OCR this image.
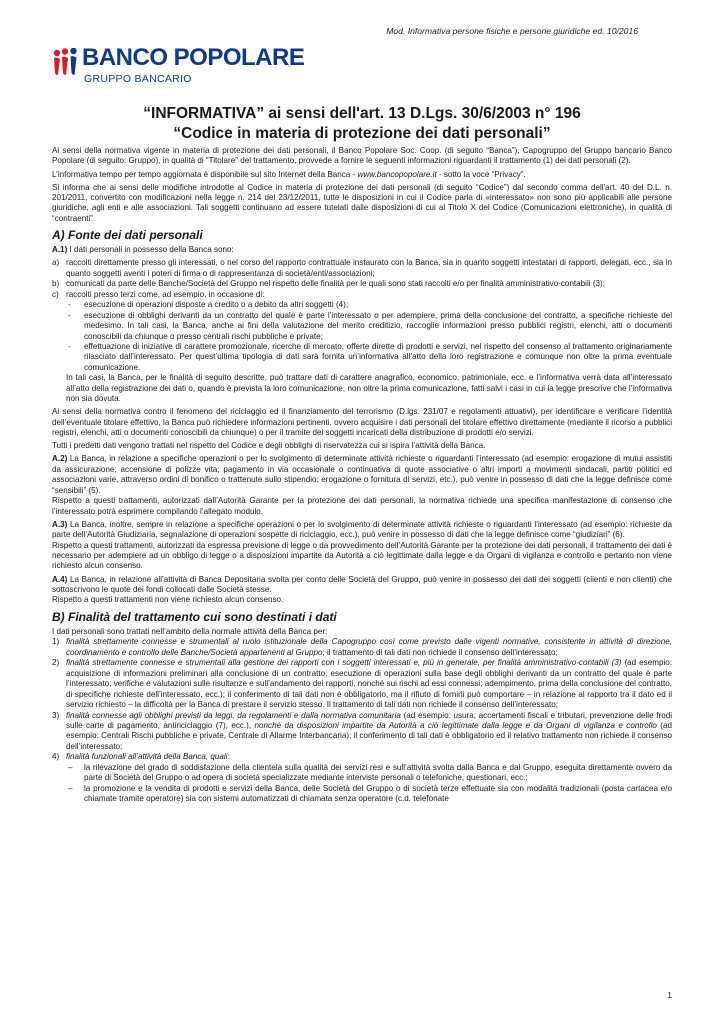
Mod. Informativa persone fisiche e persone giuridiche ed. 10/2016
BANCO POPOLARE
GRUPPO BANCARIO
“INFORMATIVA” ai sensi dell'art. 13 D.Lgs. 30/6/2003 n° 196
“Codice in materia di protezione dei dati personali”

Ai sensi della normativa vigente in materia di protezione dei dati personali, il Banco Popolare Soc. Coop. (di seguito “Banca”), Capogruppo del Gruppo bancario Banco Popolare (di seguito: Gruppo), in qualità di “Titolare” del trattamento, provvede a fornire le seguenti informazioni riguardanti il trattamento (1) dei dati personali (2).

L’informativa tempo per tempo aggiornata è disponibile sul sito Internet della Banca - www.bancopopolare.it - sotto la voce “Privacy”.

Si informa che ai sensi delle modifiche introdotte al Codice in materia di protezione dei dati personali (di seguito “Codice”) dal secondo comma dell'art. 40 del D.L. n. 201/2011, convertito con modificazioni nella legge n. 214 del 23/12/2011, tutte le disposizioni in cui il Codice parla di «interessato» non sono più applicabili alle persone giuridiche, agli enti e alle associazioni. Tali soggetti continuano ad essere tutelati dalle disposizioni di cui al Titolo X del Codice (Comunicazioni elettroniche), in qualità di “contraenti”.

A) Fonte dei dati personali

A.1) I dati personali in possesso della Banca sono:

a) raccolti direttamente presso gli interessati, o nel corso del rapporto contrattuale instaurato con la Banca, sia in quanto soggetti intestatari di rapporti, delegati, ecc., sia in quanto soggetti aventi i poteri di firma o di rappresentanza di società/enti/associazioni;
b) comunicati da parte delle Banche/Società del Gruppo nel rispetto delle finalità per le quali sono stati raccolti e/o per finalità amministrativo-contabili (3);
c) raccolti presso terzi come, ad esempio, in occasione di:
- esecuzione di operazioni disposte a credito o a debito da altri soggetti (4);
- esecuzione di obblighi derivanti da un contratto del quale è parte l’interessato o per adempiere, prima della conclusione del contratto, a specifiche richieste del medesimo. In tali casi, la Banca, anche ai fini della valutazione del merito creditizio, raccoglie informazioni presso pubblici registri, elenchi, atti o documenti conoscibili da chiunque o presso centrali rischi pubbliche e private;
- effettuazione di iniziative di carattere promozionale, ricerche di mercato, offerte dirette di prodotti e servizi, nel rispetto del consenso al trattamento originariamente rilasciato dall’interessato. Per quest’ultima tipologia di dati sarà fornita un’informativa all’atto della loro registrazione e comunque non oltre la prima eventuale comunicazione.

In tali casi, la Banca, per le finalità di seguito descritte, può trattare dati di carattere anagrafico, economico, patrimoniale, ecc. e l’informativa verrà data all’interessato all’atto della registrazione dei dati o, quando è prevista la loro comunicazione, non oltre la prima comunicazione, fatti salvi i casi in cui la legge prescrive che l’informativa non sia dovuta.

Ai sensi della normativa contro il fenomeno del riciclaggio ed il finanziamento del terrorismo (D.lgs. 231/07 e regolamenti attuativi), per identificare e verificare l’identità dell’eventuale titolare effettivo, la Banca può richiedere informazioni pertinenti, ovvero acquisire i dati personali del titolare effettivo direttamente (mediante il ricorso a pubblici registri, elenchi, atti o documenti conoscibili da chiunque) o per il tramite dei soggetti incaricati della distribuzione di prodotti e/o servizi.

Tutti i predetti dati vengono trattati nel rispetto del Codice e degli obblighi di riservatezza cui si ispira l’attività della Banca.

A.2) La Banca, in relazione a specifiche operazioni o per lo svolgimento di determinate attività richieste o riguardanti l’interessato (ad esempio: erogazione di mutui assistiti da assicurazione; accensione di polizze vita; pagamento in via occasionale o continuativa di quote associative o altri importi a movimenti sindacali, partiti politici ed associazioni varie, attraverso ordini di bonifico o trattenute sullo stipendio; erogazione o fornitura di servizi, etc.), può venire in possesso di dati che la legge definisce come “sensibili” (5).

Rispetto a questi trattamenti, autorizzati dall’Autorità Garante per la protezione dei dati personali, la normativa richiede una specifica manifestazione di consenso che l’interessato potrà esprimere compilando l’allegato modulo.

A.3) La Banca, inoltre, sempre in relazione a specifiche operazioni o per lo svolgimento di determinate attività richieste o riguardanti l’interessato (ad esempio: richieste da parte dell’Autorità Giudiziaria, segnalazione di operazioni sospette di riciclaggio, ecc.), può venire in possesso di dati che la legge definisce come “giudiziari” (6).

Rispetto a questi trattamenti, autorizzati da espressa previsione di legge o da provvedimento dell’Autorità Garante per la protezione dei dati personali, il trattamento dei dati è necessario per adempiere ad un obbligo di legge o a disposizioni impartite da Autorità a ciò legittimate dalla legge e da Organi di vigilanza e controllo e pertanto non viene richiesto alcun consenso.

A.4) La Banca, in relazione all’attività di Banca Depositaria svolta per conto delle Società del Gruppo, può venire in possesso dei dati dei soggetti (clienti e non clienti) che sottoscrivono le quote dei fondi collocati dalle Società stesse.

Rispetto a questi trattamenti non viene richiesto alcun consenso.

B) Finalità del trattamento cui sono destinati i dati

I dati personali sono trattati nell’ambito della normale attività della Banca per:

1) finalità strettamente connesse e strumentali al ruolo istituzionale della Capogruppo così come previsto dalle vigenti normative, consistente in attività di direzione, coordinamento e controllo delle Banche/Società appartenenti al Gruppo; il trattamento di tali dati non richiede il consenso dell’interessato;
2) finalità strettamente connesse e strumentali alla gestione dei rapporti con i soggetti interessati e, più in generale, per finalità amministrativo-contabili (3) (ad esempio: acquisizione di informazioni preliminari alla conclusione di un contratto; esecuzione di operazioni sulla base degli obblighi derivanti da un contratto del quale è parte l’interessato; verifiche e valutazioni sulle risultanze e sull’andamento dei rapporti, nonché sui rischi ad essi connessi; adempimento, prima della conclusione del contratto, di specifiche richieste dell’interessato, ecc.); il conferimento di tali dati non è obbligatorio, ma il rifiuto di fornirli può comportare – in relazione al rapporto tra il dato ed il servizio richiesto – la difficoltà per la Banca di prestare il servizio stesso. Il trattamento di tali dati non richiede il consenso dell’interessato;
3) finalità connesse agli obblighi previsti da leggi, da regolamenti e dalla normativa comunitaria (ad esempio: usura; accertamenti fiscali e tributari, prevenzione delle frodi sulle carte di pagamento, antiriciclaggio (7), ecc.), nonché da disposizioni impartite da Autorità a ciò legittimate dalla legge e da Organi di vigilanza e controllo (ad esempio: Centrali Rischi pubbliche e private, Centrale di Allarme Interbancaria); il conferimento di tali dati è obbligatorio ed il relativo trattamento non richiede il consenso dell’interessato;
4) finalità funzionali all’attività della Banca, quali:
– la rilevazione del grado di soddisfazione della clientela sulla qualità dei servizi resi e sull’attività svolta dalla Banca e dal Gruppo, eseguita direttamente ovvero da parte di Società del Gruppo o ad opera di società specializzate mediante interviste personali o telefoniche, questionari, ecc.;
– la promozione e la vendita di prodotti e servizi della Banca, delle Società del Gruppo o di società terze effettuate sia con modalità tradizionali (posta cartacea e/o chiamate tramite operatore) sia con sistemi automatizzati di chiamata senza operatore (c.d. telefonate
1
